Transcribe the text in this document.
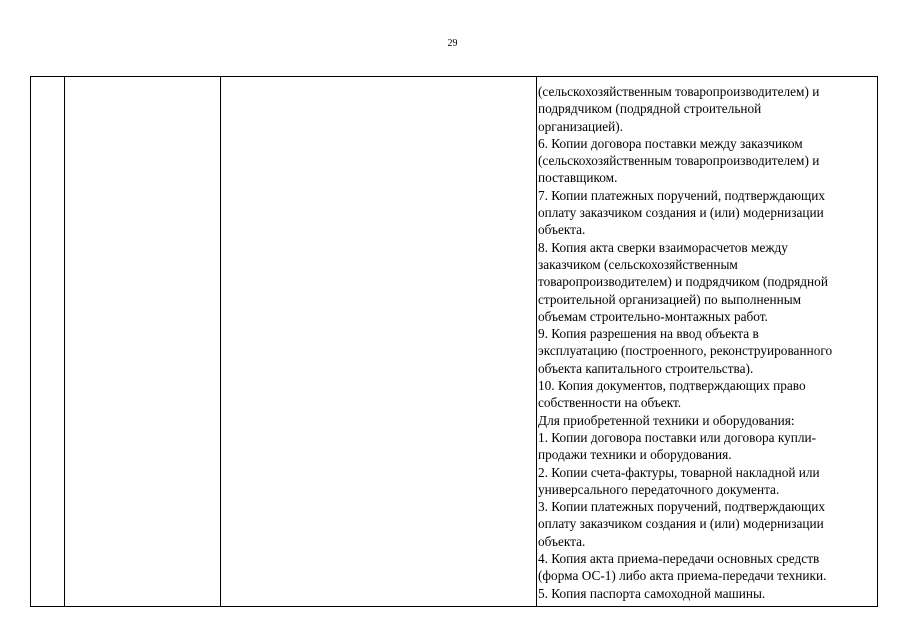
29
(сельскохозяйственным товаропроизводителем) и
подрядчиком (подрядной строительной
организацией).
6. Копии договора поставки между заказчиком
(сельскохозяйственным товаропроизводителем) и
поставщиком.
7. Копии платежных поручений, подтверждающих
оплату заказчиком создания и (или) модернизации
объекта.
8. Копия акта сверки взаиморасчетов между
заказчиком (сельскохозяйственным
товаропроизводителем) и подрядчиком (подрядной
строительной организацией) по выполненным
объемам строительно-монтажных работ.
9. Копия разрешения на ввод объекта в
эксплуатацию (построенного, реконструированного
объекта капитального строительства).
10. Копия документов, подтверждающих право
собственности на объект.
Для приобретенной техники и оборудования:
1. Копии договора поставки или договора купли-
продажи техники и оборудования.
2. Копии счета-фактуры, товарной накладной или
универсального передаточного документа.
3. Копии платежных поручений, подтверждающих
оплату заказчиком создания и (или) модернизации
объекта.
4. Копия акта приема-передачи основных средств
(форма ОС-1) либо акта приема-передачи техники.
5. Копия паспорта самоходной машины.
